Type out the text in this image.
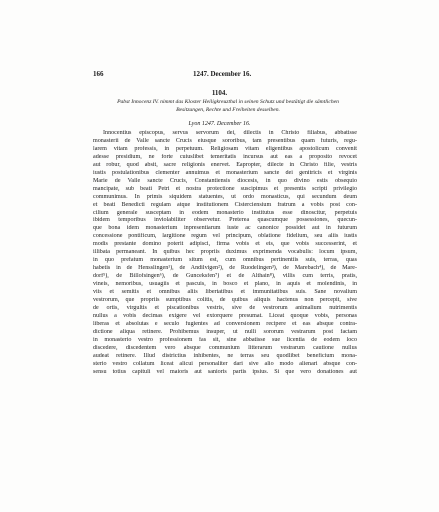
166	1247. December 16.
1104.
Pabst Innocenz IV. nimmt das Kloster Heiligkreuzthal in seinen Schutz und bestätigt die sämtlichen Besitzungen, Rechte und Freiheiten desselben.
Lyon 1247. December 16.
Innocentius episcopus, servus servorum dei, dilectis in Christo filiabus, abbatisse
monasterii de Valle sancte Crucis eiusque sororibus, tam presentibus quam futuris, regu-
larem vitam professis, in perpetuum. Religiosam vitam eligentibus apostolicum convenit
adesse presidium, ne forte cuiuslibet temeritatis incursus aut eas a proposito revocet
aut robur, quod absit, sacre religionis enervet. Eapropter, dilecte in Christo filie, vestris
iustis postulationibus clementer annuimus et monasterium sancte dei genitricis et virginis
Marie de Valle sancte Crucis, Constantiensis diocesis, in quo divino estis obsequio
mancipate, sub beati Petri et nostra protectione suscipimus et presentis scripti privilegio
communimus. In primis siquidem statuentes, ut ordo monasticus, qui secundum deum
et beati Benedicti regulam atque institutionem Cisterciensium fratrum a vobis post con-
cilium generale susceptam in eodem monasterio institutus esse dinoscitur, perpetuis
ibidem temporibus inviolabiliter observetur. Preterea quascumque possessiones, quecun-
que bona idem monasterium inpresentiarum iuste ac canonice possidet aut in futurum
concessione pontificum, largitione regum vel principum, oblatione fidelium, seu aliis iustis
modis prestante domino poterit adipisci, firma vobis et eis, que vobis successerint, et
illibata permaneant. In quibus hec propriis duximus exprimenda vocabulis: locum ipsum,
in quo prefatum monasterium situm est, cum omnibus pertinentiis suis, terras, quas
habetis in de Hensslingen¹), de Andilvigen²), de Ruodelingen³), de Marebach⁴), de Mare-
dorf⁵), de Billofsingen⁶), de Gunceksfen⁷) et de Althain⁸), villis cum terris, pratis,
vineis, nemoribus, usuagiis et pascuis, in bosco et plano, in aquis et molendinis, in
viis et semitis et omnibus aliis libertatibus et immunitatibus suis. Sane novalium
vestrorum, que propriis sumptibus colitis, de quibus aliquis hactenus non percepit, sive
de ortis, virgultis et piscationibus vestris, sive de vestrorum animalium nutrimentis
nullus a vobis decimas exigere vel extorquere presumat. Liceat quoque vobis, personas
liberas et absolutas e seculo fugientes ad conversionem recipere et eas absque contra-
dictione aliqua retinere. Prohibemus insuper, ut nulli sororum vestrarum post factam
in monasterio vestro professionem fas sit, sine abbatisse sue licentia de eodem loco
discedere, discedentem vero absque communium litterarum vestrarum cautione nullus
audeat retinere. Illud districtius inhibentes, ne terras seu quodlibet beneficium mona-
sterio vestro collatum liceat alicui personaliter dari sive alio modo alienari absque con-
sensu totius capituli vel maioris aut sanioris partis ipsius. Si que vero donationes aut
